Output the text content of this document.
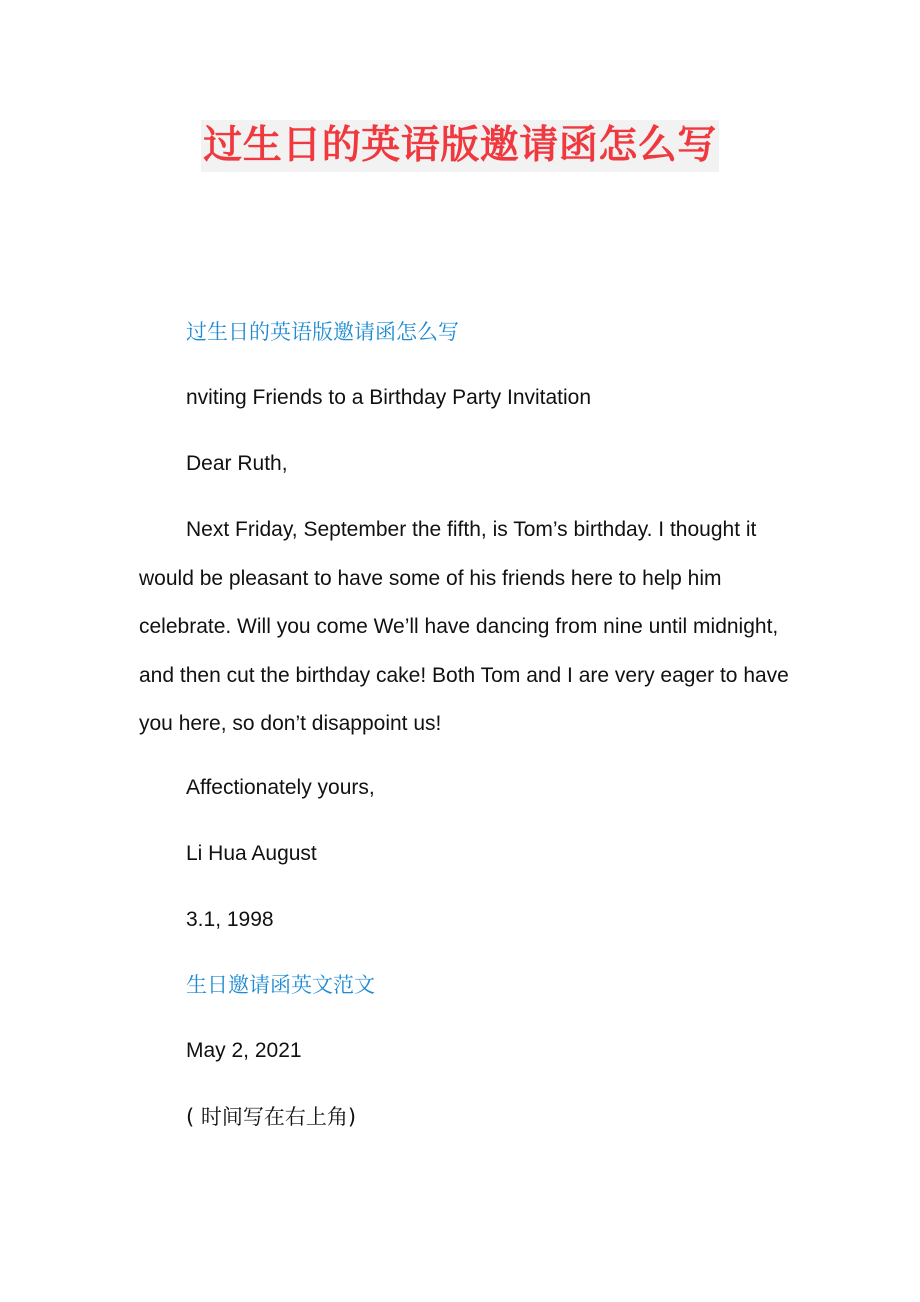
过生日的英语版邀请函怎么写
过生日的英语版邀请函怎么写
nviting Friends to a Birthday Party Invitation
Dear Ruth,

Next Friday, September the fifth, is Tom’s birthday. I thought it would be pleasant to have some of his friends here to help him celebrate. Will you come We’ll have dancing from nine until midnight, and then cut the birthday cake! Both Tom and I are very eager to have you here, so don’t disappoint us!

Affectionately yours,
Li Hua August
3.1, 1998
生日邀请函英文范文
May 2, 2021
( 时间写在右上角)
